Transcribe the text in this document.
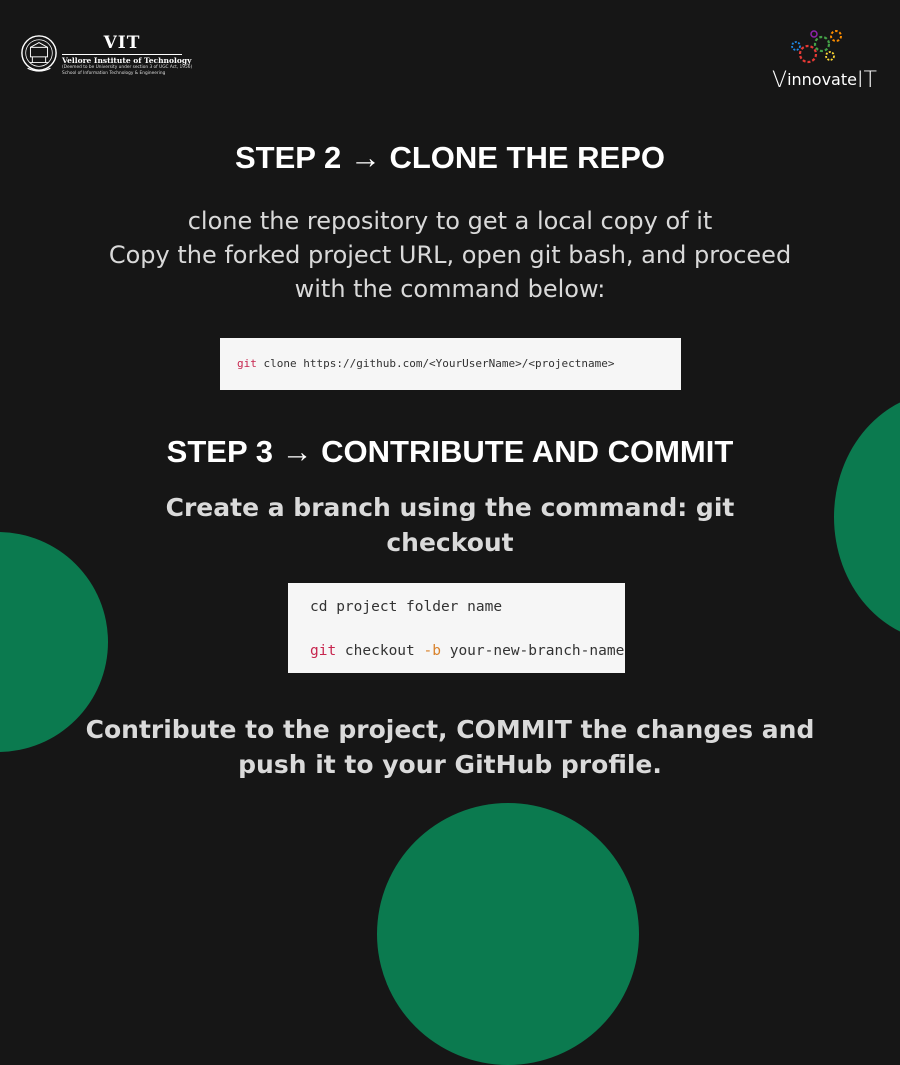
VIT
Vellore Institute of Technology
(Deemed to be University under section 3 of UGC Act, 1956)
School of Information Technology & Engineering	VinnovateIT
STEP 2 → CLONE THE REPO
clone the repository to get a local copy of it
Copy the forked project URL, open git bash, and proceed
with the command below:
git clone https://github.com/<YourUserName>/<projectname>
STEP 3 → CONTRIBUTE AND COMMIT
Create a branch using the command: git
checkout
cd project folder name
git checkout -b your-new-branch-name
Contribute to the project, COMMIT the changes and
push it to your GitHub profile.
